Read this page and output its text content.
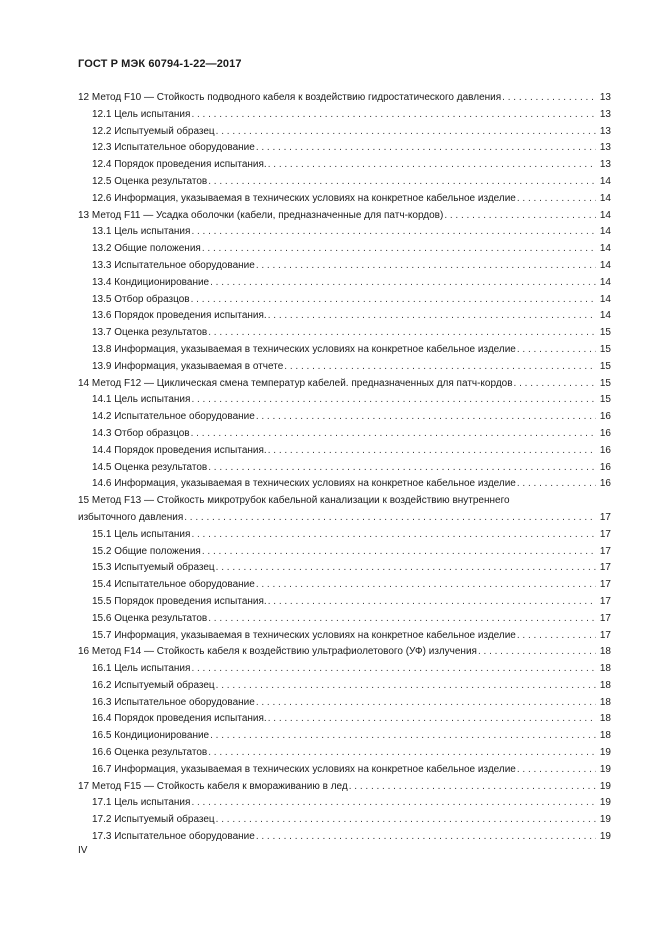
ГОСТ Р МЭК 60794-1-22—2017
12 Метод F10 — Стойкость подводного кабеля к воздействию гидростатического давления . . .	13
12.1 Цель испытания . . .	13
12.2 Испытуемый образец . . .	13
12.3 Испытательное оборудование . . .	13
12.4 Порядок проведения испытания. . . .	13
12.5 Оценка результатов . . .	14
12.6 Информация, указываемая в технических условиях на конкретное кабельное изделие . . .	14
13 Метод F11 — Усадка оболочки (кабели, предназначенные для патч-кордов) . . .	14
13.1 Цель испытания . . .	14
13.2 Общие положения . . .	14
13.3 Испытательное оборудование . . .	14
13.4 Кондиционирование . . .	14
13.5 Отбор образцов . . .	14
13.6 Порядок проведения испытания. . . .	14
13.7 Оценка результатов . . .	15
13.8 Информация, указываемая в технических условиях на конкретное кабельное изделие . . .	15
13.9 Информация, указываемая в отчете . . .	15
14 Метод F12 — Циклическая смена температур кабелей. предназначенных для патч-кордов . . .	15
14.1 Цель испытания . . .	15
14.2 Испытательное оборудование . . .	16
14.3 Отбор образцов . . .	16
14.4 Порядок проведения испытания. . . .	16
14.5 Оценка результатов . . .	16
14.6 Информация, указываемая в технических условиях на конкретное кабельное изделие . . .	16
15 Метод F13 — Стойкость микротрубок кабельной канализации к воздействию внутреннего
избыточного давления . . .	17
15.1 Цель испытания . . .	17
15.2 Общие положения . . .	17
15.3 Испытуемый образец . . .	17
15.4 Испытательное оборудование . . .	17
15.5 Порядок проведения испытания. . . .	17
15.6 Оценка результатов . . .	17
15.7 Информация, указываемая в технических условиях на конкретное кабельное изделие . . .	17
16 Метод F14 — Стойкость кабеля к воздействию ультрафиолетового (УФ) излучения . . .	18
16.1 Цель испытания . . .	18
16.2 Испытуемый образец . . .	18
16.3 Испытательное оборудование . . .	18
16.4 Порядок проведения испытания. . . .	18
16.5 Кондиционирование . . .	18
16.6 Оценка результатов . . .	19
16.7 Информация, указываемая в технических условиях на конкретное кабельное изделие . . .	19
17 Метод F15 — Стойкость кабеля к вмораживанию в лед . . .	19
17.1 Цель испытания . . .	19
17.2 Испытуемый образец . . .	19
17.3 Испытательное оборудование . . .	19
IV
